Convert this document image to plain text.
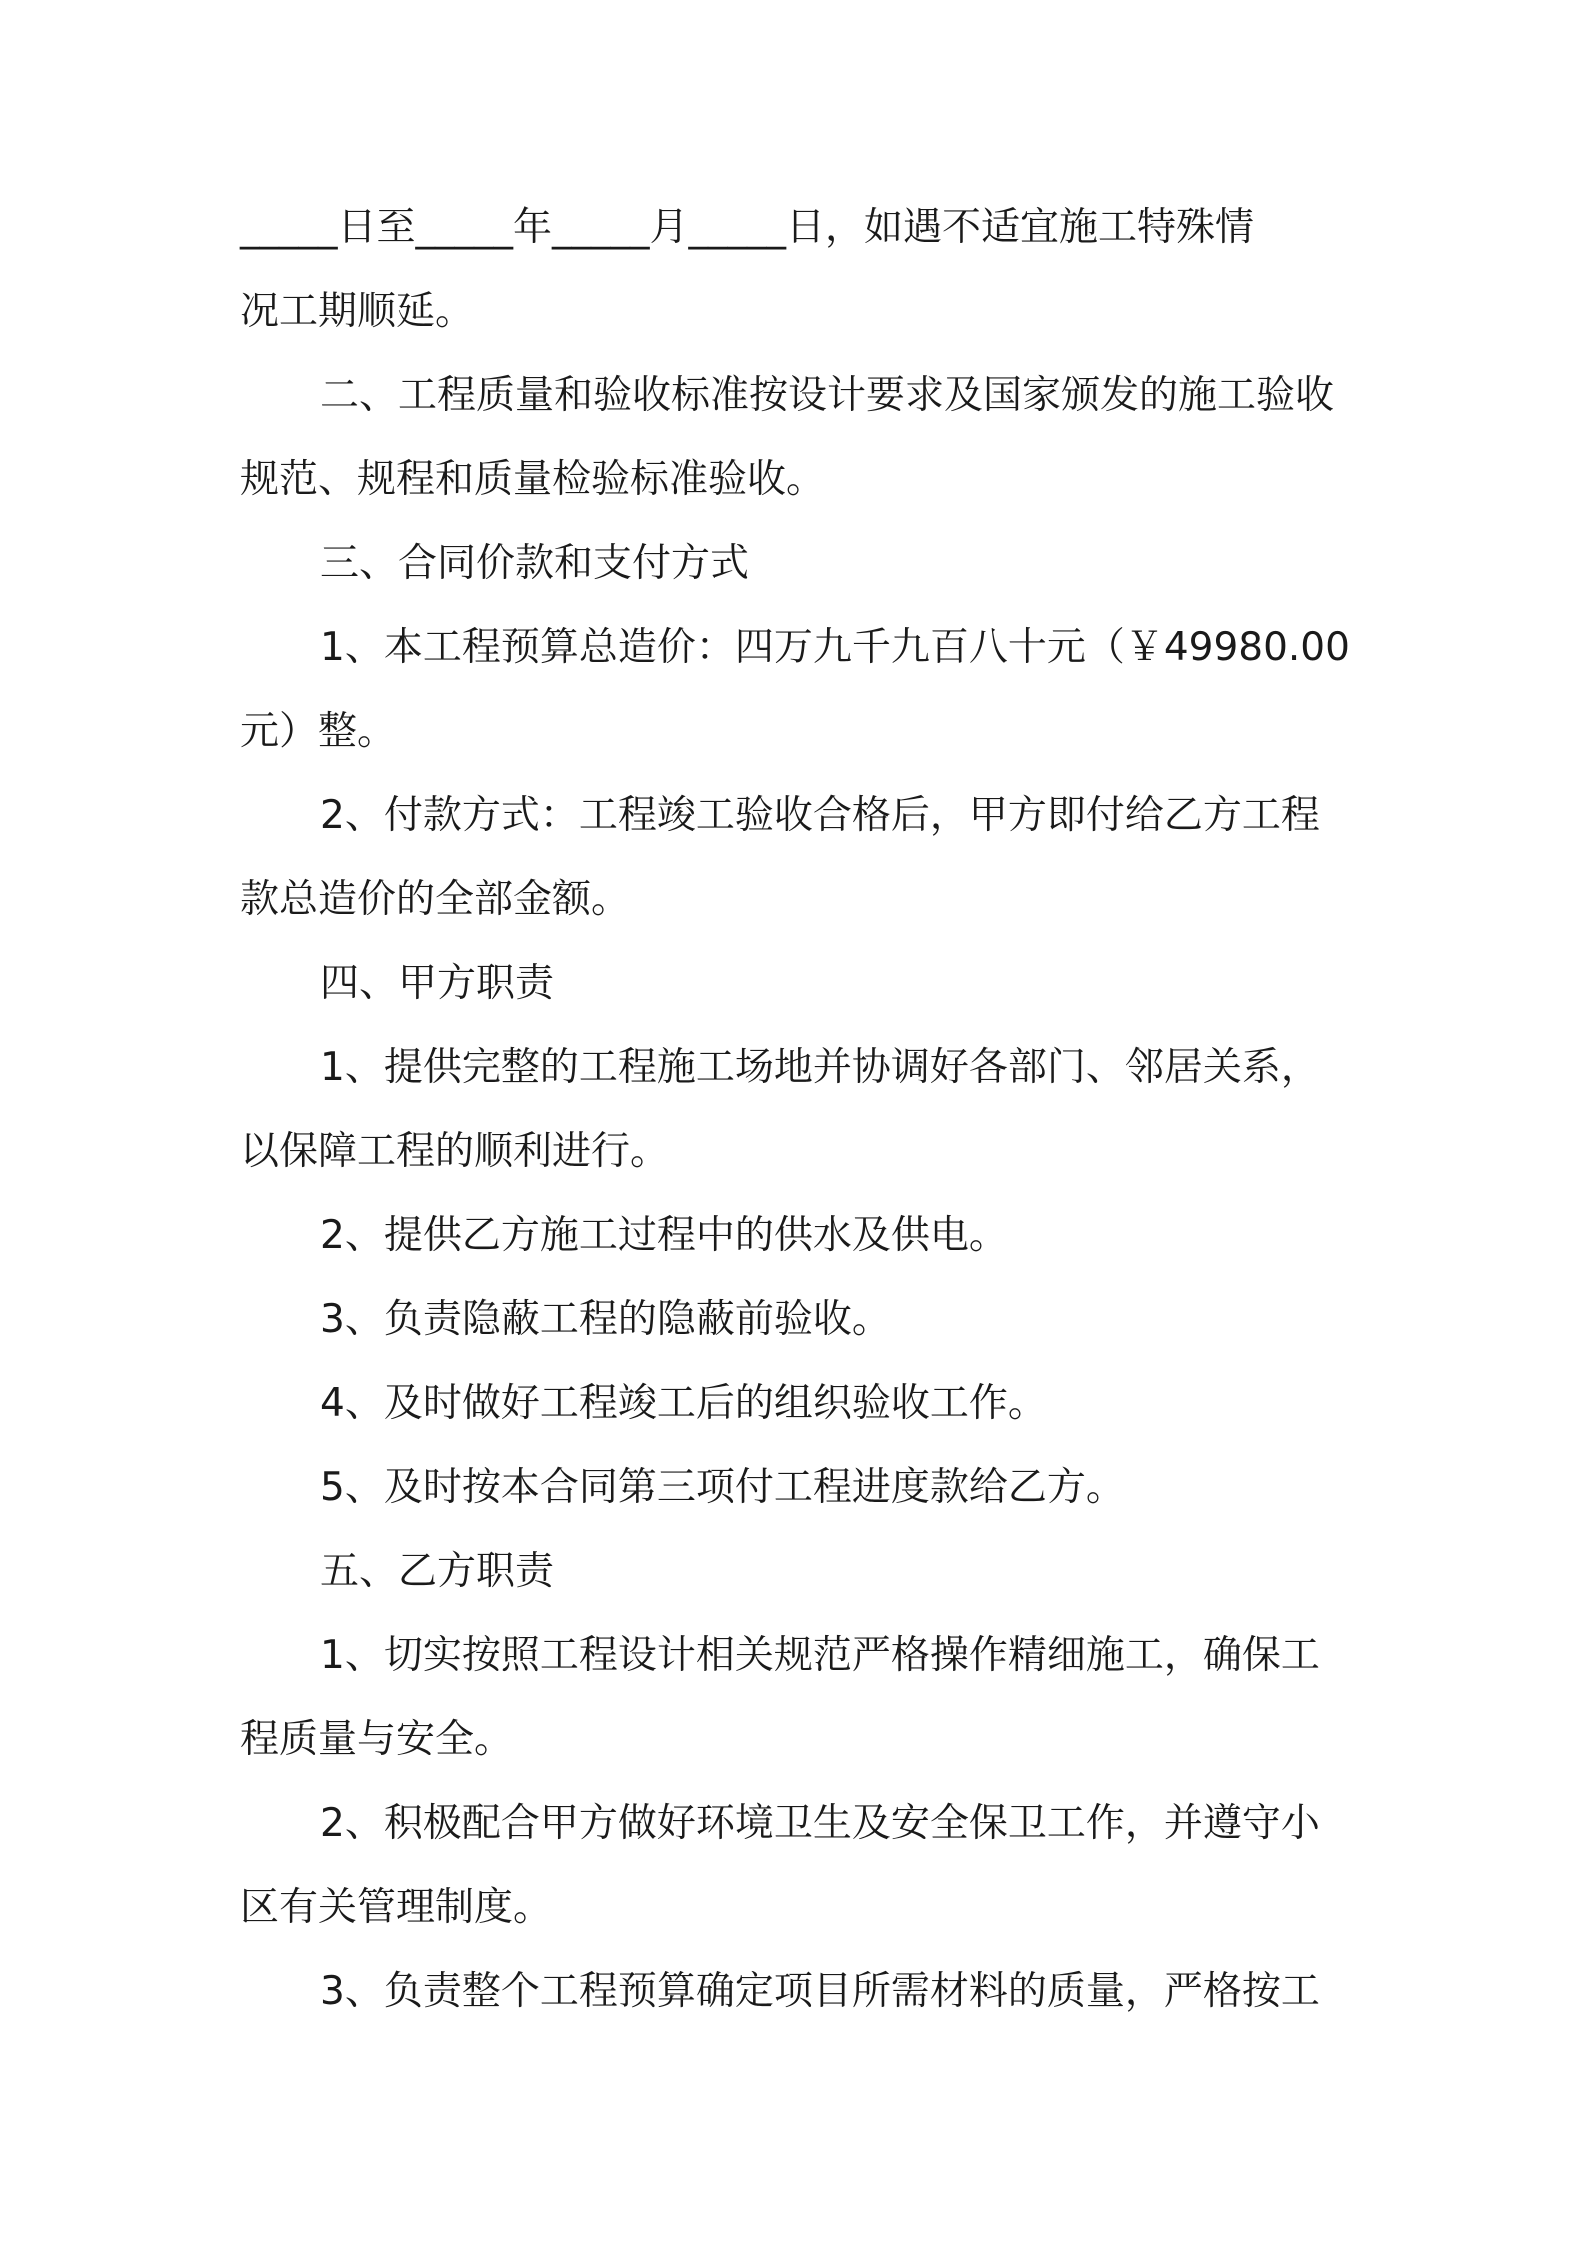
_____日至_____年_____月_____日，如遇不适宜施工特殊情
况工期顺延。

二、工程质量和验收标准按设计要求及国家颁发的施工验收
规范、规程和质量检验标准验收。

三、合同价款和支付方式

1、本工程预算总造价：四万九千九百八十元（￥49980.00
元）整。

2、付款方式：工程竣工验收合格后，甲方即付给乙方工程
款总造价的全部金额。

四、甲方职责

1、提供完整的工程施工场地并协调好各部门、邻居关系，
以保障工程的顺利进行。

2、提供乙方施工过程中的供水及供电。

3、负责隐蔽工程的隐蔽前验收。

4、及时做好工程竣工后的组织验收工作。

5、及时按本合同第三项付工程进度款给乙方。

五、乙方职责

1、切实按照工程设计相关规范严格操作精细施工，确保工
程质量与安全。

2、积极配合甲方做好环境卫生及安全保卫工作，并遵守小
区有关管理制度。

3、负责整个工程预算确定项目所需材料的质量，严格按工
